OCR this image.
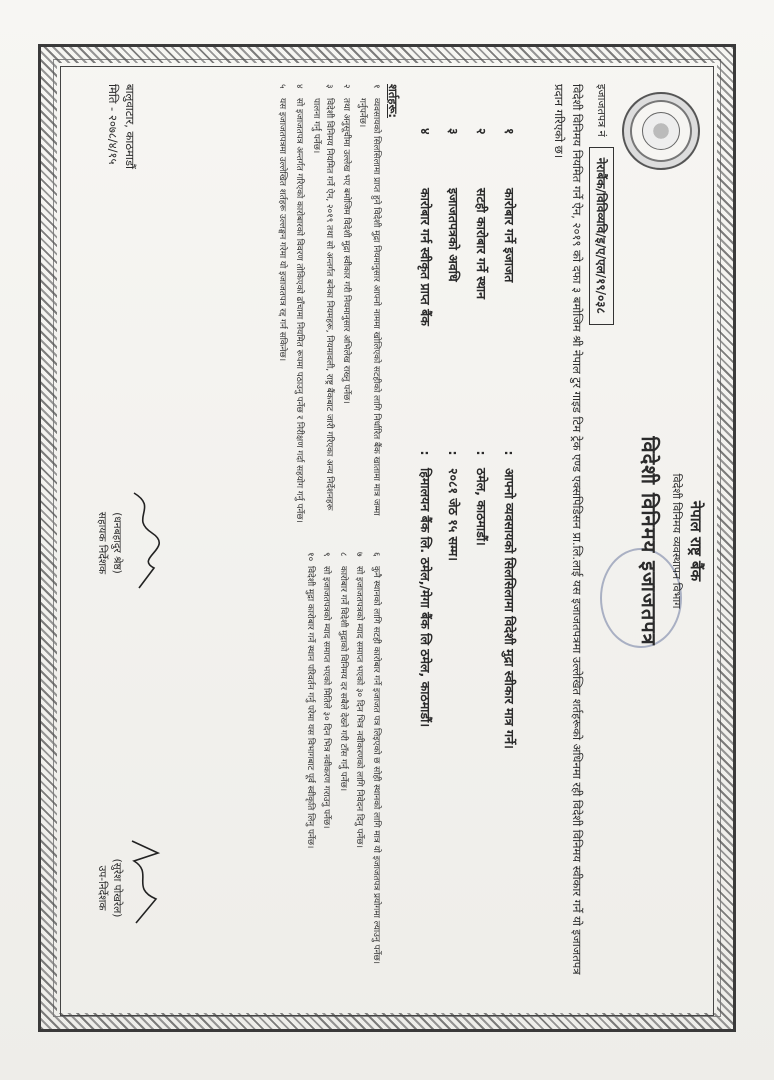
नेपाल राष्ट्र बैंक
विदेशी विनिमय व्यवस्थापन विभाग
विदेशी विनिमय इजाजतपत्र
इजाजतपत्र नं
नेराबैंक/विविव्यवि/इ/ए/एल/१९/०३८
विदेशी विनिमय नियमित गर्ने ऐन, २०१९ को दफा ३ बमोजिम श्री नेपाल टुर गाइड टिम ट्रेक एण्ड एक्सपिडिसन प्रा.लि.लाई यस इजाजतपत्रमा उल्लेखित शर्तहरूको अधिनमा रही विदेशी विनिमय स्वीकार गर्ने यो इजाजतपत्र प्रदान गरिएको छ।
१
कारोबार गर्ने इजाजत
:
आफ्नो व्यवसायको सिलसिलामा विदेशी मुद्रा स्वीकार मात्र गर्ने।
२
सटही कारोबार गर्ने स्थान
:
ठमेल, काठमाडौं।
३
इजाजतपत्रको अवधि
:
२०८१ जेठ १५ सम्म।
४
कारोबार गर्न स्वीकृत प्राप्त बैंक
:
हिमालयन बैंक लि. ठमेल,/मेगा बैंक लि ठमेल, काठमाडौं।
शर्तहरू:
१
व्यवसायको सिलसिलामा प्राप्त हुने विदेशी मुद्रा नियमानुसार आफ्नो नाममा खोलिएको सटहीको लागि निर्धारित बैंक खातामा मात्र जम्मा गर्नुपर्नेछ।
२
तथा अनुसूचीमा उल्लेख भए बमोजिम विदेशी मुद्रा स्वीकार गरी नियमानुसार अभिलेख राख्नु पर्नेछ।
३
विदेशी विनिमय नियमित गर्ने ऐन, २०१९ तथा सो अन्तर्गत बनेका नियमहरू, नियमावली, राष्ट्र बैंकबाट जारी गरिएका अन्य निर्देशनहरू पालना गर्नु पर्नेछ।
४
सो इजाजतपत्र अन्तर्गत गरिएको कारोबारको विवरण तोकिएको ढाँचामा नियमित रूपमा पठाउनु पर्नेछ र निरीक्षण गर्दा सहयोग गर्नु पर्नेछ।
५
यस इजाजतपत्रमा उल्लेखित शर्तहरू उल्लङ्घन गरेमा यो इजाजतपत्र रद्द गर्न सकिनेछ।
६
कुनै स्थानको लागि सटही कारोबार गर्ने इजाजत पत्र लिइएको छ सोही स्थानको लागि मात्र यो इजाजतपत्र प्रयोगमा ल्याउनु पर्नेछ।
७
सो इजाजतपत्रको म्याद समाप्त भएको ३० दिन भित्र नवीकरणको लागि निवेदन दिनु पर्नेछ।
८
कारोबार गर्ने विदेशी मुद्राको विनिमय दर सबैले देख्ने गरी टाँस गर्नु पर्नेछ।
९
सो इजाजतपत्रको म्याद समाप्त भएको मितिले ३० दिन भित्र नवीकरण गराउनु पर्नेछ।
१०
विदेशी मुद्रा कारोबार गर्ने स्थान परिवर्तन गर्नु परेमा यस विभागबाट पूर्व स्वीकृति लिनु पर्नेछ।
बालुवाटार, काठमाडौं
मिति - २०७८/४/१५
(धनबहादुर श्रेष्ठ)
सहायक निर्देशक
(सुरेश पोखरेल)
उप-निर्देशक
